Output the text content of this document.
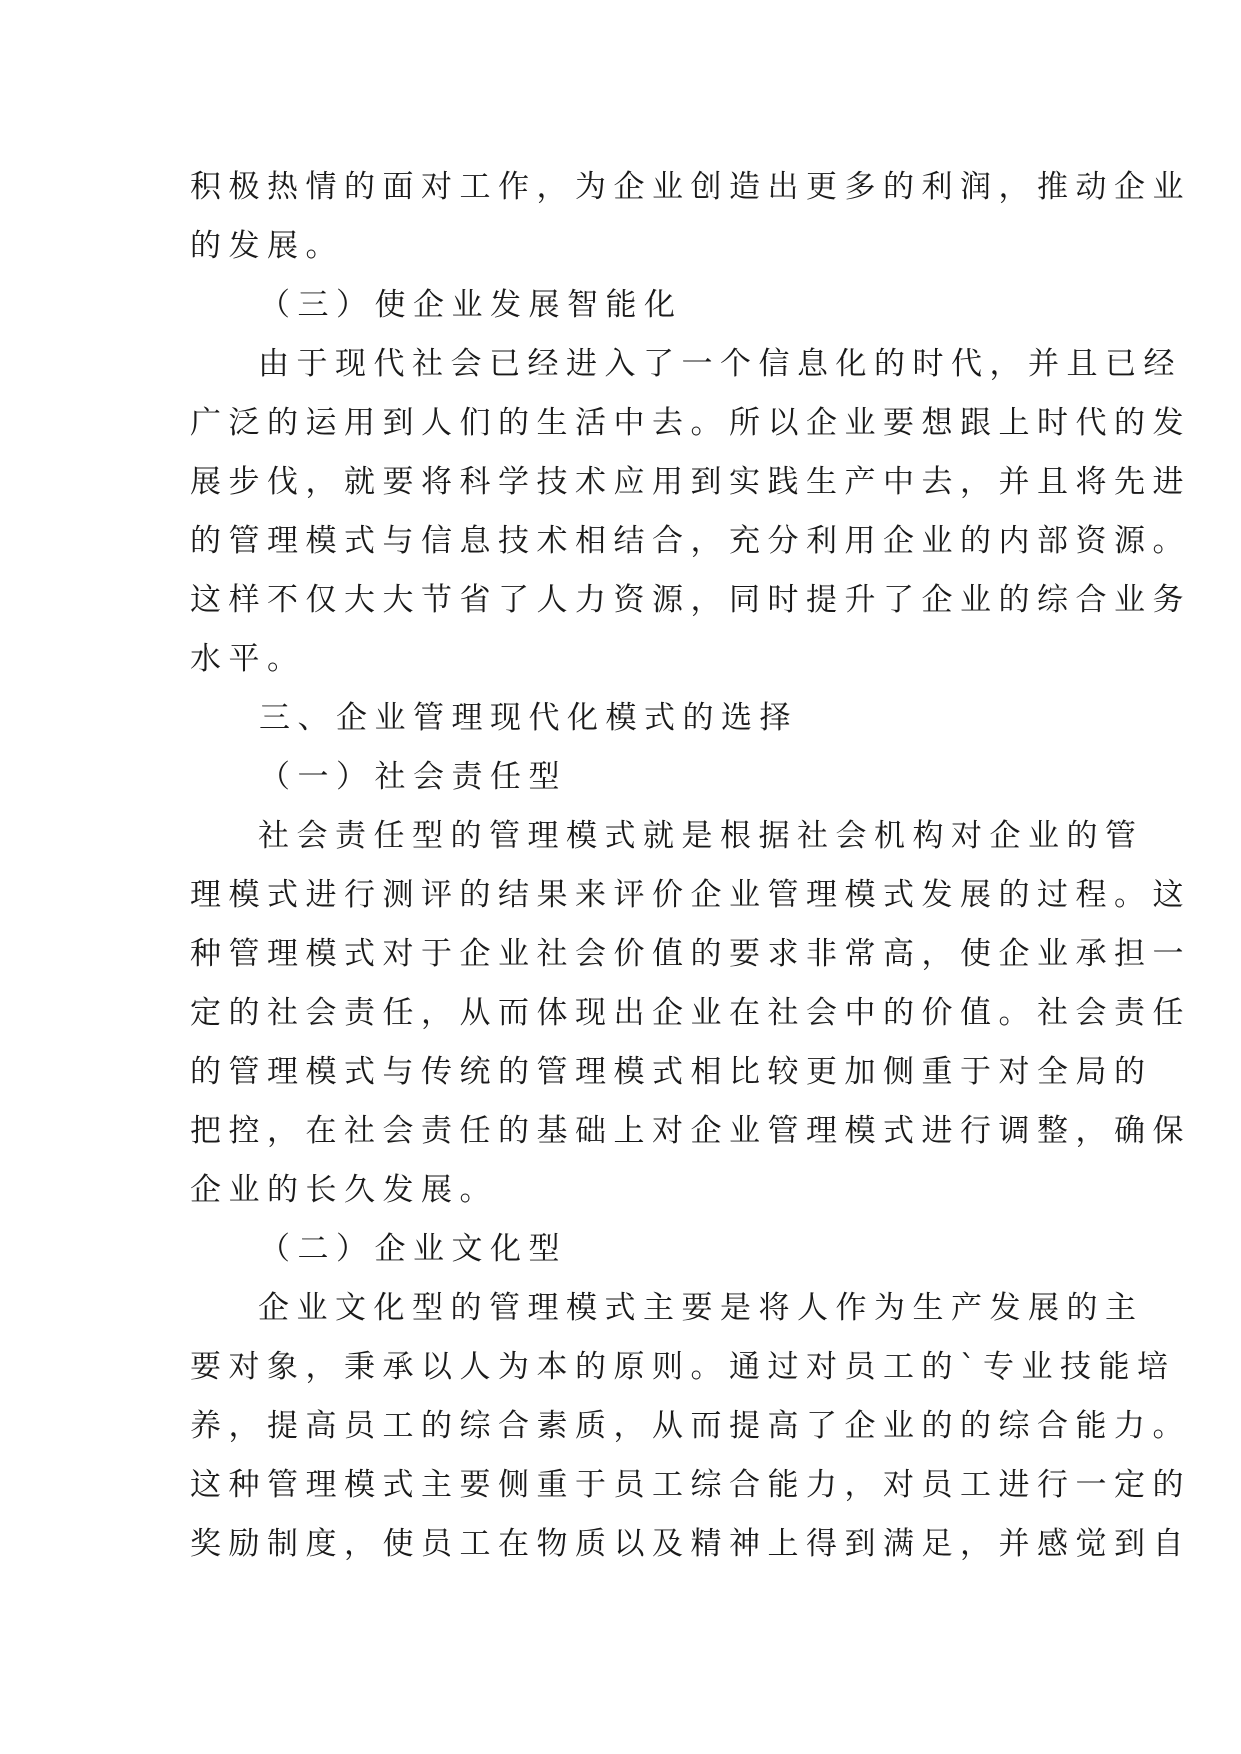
积极热情的面对工作，为企业创造出更多的利润，推动企业

的发展。

（三）使企业发展智能化

由于现代社会已经进入了一个信息化的时代，并且已经

广泛的运用到人们的生活中去。所以企业要想跟上时代的发

展步伐，就要将科学技术应用到实践生产中去，并且将先进

的管理模式与信息技术相结合，充分利用企业的内部资源。

这样不仅大大节省了人力资源，同时提升了企业的综合业务

水平。

三、企业管理现代化模式的选择

（一）社会责任型

社会责任型的管理模式就是根据社会机构对企业的管

理模式进行测评的结果来评价企业管理模式发展的过程。这

种管理模式对于企业社会价值的要求非常高，使企业承担一

定的社会责任，从而体现出企业在社会中的价值。社会责任

的管理模式与传统的管理模式相比较更加侧重于对全局的

把控，在社会责任的基础上对企业管理模式进行调整，确保

企业的长久发展。

（二）企业文化型

企业文化型的管理模式主要是将人作为生产发展的主

要对象，秉承以人为本的原则。通过对员工的`专业技能培

养，提高员工的综合素质，从而提高了企业的的综合能力。

这种管理模式主要侧重于员工综合能力，对员工进行一定的

奖励制度，使员工在物质以及精神上得到满足，并感觉到自
